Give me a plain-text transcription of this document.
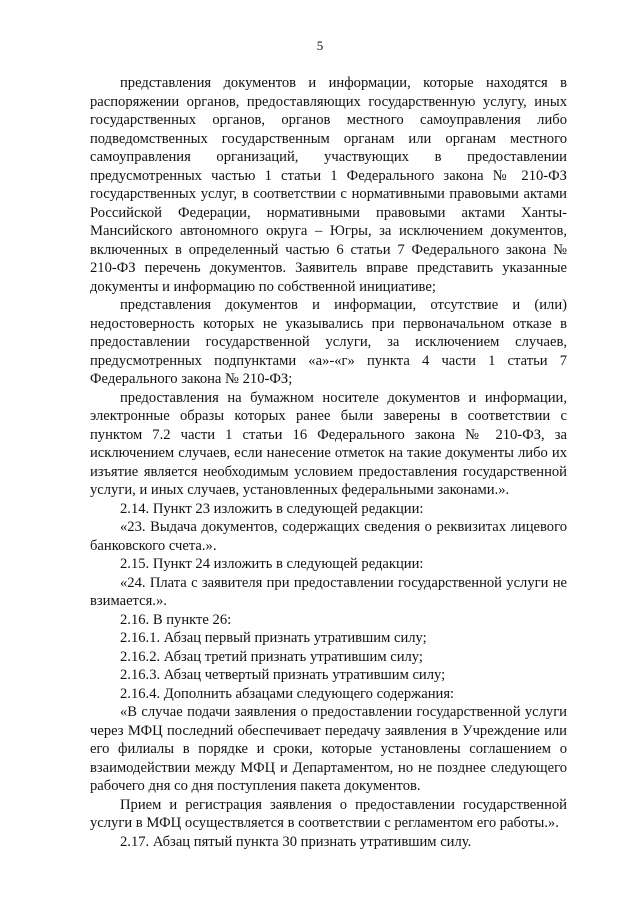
5

представления документов и информации, которые находятся в распоряжении органов, предоставляющих государственную услугу, иных государственных органов, органов местного самоуправления либо подведомственных государственным органам или органам местного самоуправления организаций, участвующих в предоставлении предусмотренных частью 1 статьи 1 Федерального закона № 210-ФЗ государственных услуг, в соответствии с нормативными правовыми актами Российской Федерации, нормативными правовыми актами Ханты-Мансийского автономного округа – Югры, за исключением документов, включенных в определенный частью 6 статьи 7 Федерального закона № 210-ФЗ перечень документов. Заявитель вправе представить указанные документы и информацию по собственной инициативе;

представления документов и информации, отсутствие и (или) недостоверность которых не указывались при первоначальном отказе в предоставлении государственной услуги, за исключением случаев, предусмотренных подпунктами «а»-«г» пункта 4 части 1 статьи 7 Федерального закона № 210-ФЗ;

предоставления на бумажном носителе документов и информации, электронные образы которых ранее были заверены в соответствии с пунктом 7.2 части 1 статьи 16 Федерального закона № 210-ФЗ, за исключением случаев, если нанесение отметок на такие документы либо их изъятие является необходимым условием предоставления государственной услуги, и иных случаев, установленных федеральными законами.».

2.14. Пункт 23 изложить в следующей редакции:

«23. Выдача документов, содержащих сведения о реквизитах лицевого банковского счета.».

2.15. Пункт 24 изложить в следующей редакции:

«24. Плата с заявителя при предоставлении государственной услуги не взимается.».

2.16. В пункте 26:

2.16.1. Абзац первый признать утратившим силу;

2.16.2. Абзац третий признать утратившим силу;

2.16.3. Абзац четвертый признать утратившим силу;

2.16.4. Дополнить абзацами следующего содержания:

«В случае подачи заявления о предоставлении государственной услуги через МФЦ последний обеспечивает передачу заявления в Учреждение или его филиалы в порядке и сроки, которые установлены соглашением о взаимодействии между МФЦ и Департаментом, но не позднее следующего рабочего дня со дня поступления пакета документов.

Прием и регистрация заявления о предоставлении государственной услуги в МФЦ осуществляется в соответствии с регламентом его работы.».

2.17. Абзац пятый пункта 30 признать утратившим силу.
